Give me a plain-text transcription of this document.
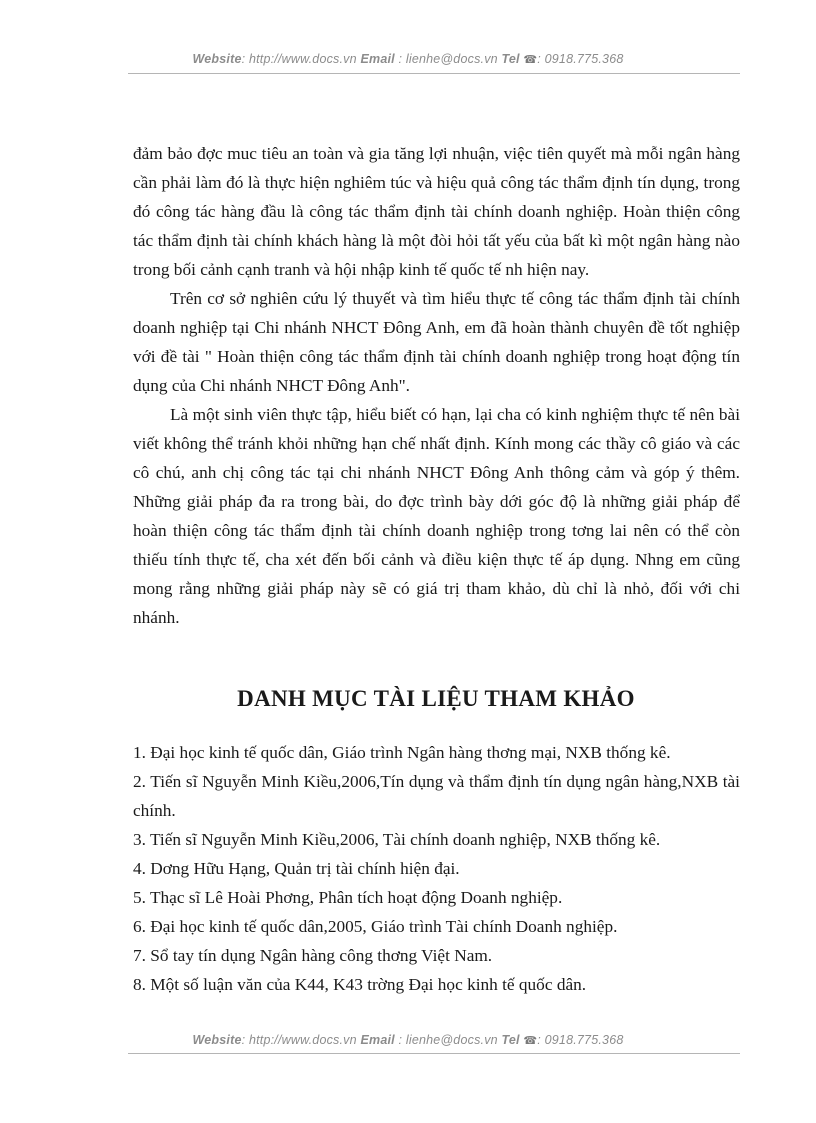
Website: http://www.docs.vn Email : lienhe@docs.vn Tel ☎: 0918.775.368

đảm bảo đợc muc tiêu an toàn và gia tăng lợi nhuận, việc tiên quyết mà mỗi ngân hàng cần phải làm đó là thực hiện nghiêm túc và hiệu quả công tác thẩm định tín dụng, trong đó công tác hàng đầu là công tác thẩm định tài chính doanh nghiệp. Hoàn thiện công tác thẩm định tài chính khách hàng là một đòi hỏi tất yếu của bất kì một ngân hàng nào trong bối cảnh cạnh tranh và hội nhập kinh tế quốc tế nh hiện nay.

Trên cơ sở nghiên cứu lý thuyết và tìm hiểu thực tế công tác thẩm định tài chính doanh nghiệp tại Chi nhánh NHCT Đông Anh, em đã hoàn thành chuyên đề tốt nghiệp với đề tài " Hoàn thiện công tác thẩm định tài chính doanh nghiệp trong hoạt động tín dụng của Chi nhánh NHCT Đông Anh".

Là một sinh viên thực tập, hiểu biết có hạn, lại cha có kinh nghiệm thực tế nên bài viết không thể tránh khỏi những hạn chế nhất định. Kính mong các thầy cô giáo và các cô chú, anh chị công tác tại chi nhánh NHCT Đông Anh thông cảm và góp ý thêm. Những giải pháp đa ra trong bài, do đợc trình bày dới góc độ là những giải pháp để hoàn thiện công tác thẩm định tài chính doanh nghiệp trong tơng lai nên có thể còn thiếu tính thực tế, cha xét đến bối cảnh và điều kiện thực tế áp dụng. Nhng em cũng mong rằng những giải pháp này sẽ có giá trị tham khảo, dù chỉ là nhỏ, đối với chi nhánh.

DANH MỤC TÀI LIỆU THAM KHẢO
1. Đại học kinh tế quốc dân, Giáo trình Ngân hàng thơng mại, NXB thống kê.
2. Tiến sĩ Nguyễn Minh Kiều,2006,Tín dụng và thẩm định tín dụng ngân hàng,NXB tài chính.
3. Tiến sĩ Nguyễn Minh Kiều,2006, Tài chính doanh nghiệp, NXB thống kê.
4. Dơng Hữu Hạng, Quản trị tài chính hiện đại.
5. Thạc sĩ Lê Hoài Phơng, Phân tích hoạt động Doanh nghiệp.
6. Đại học kinh tế quốc dân,2005, Giáo trình Tài chính Doanh nghiệp.
7. Sổ tay tín dụng Ngân hàng công thơng Việt Nam.
8. Một số luận văn của K44, K43 trờng Đại học kinh tế quốc dân.
Website: http://www.docs.vn Email : lienhe@docs.vn Tel ☎: 0918.775.368
